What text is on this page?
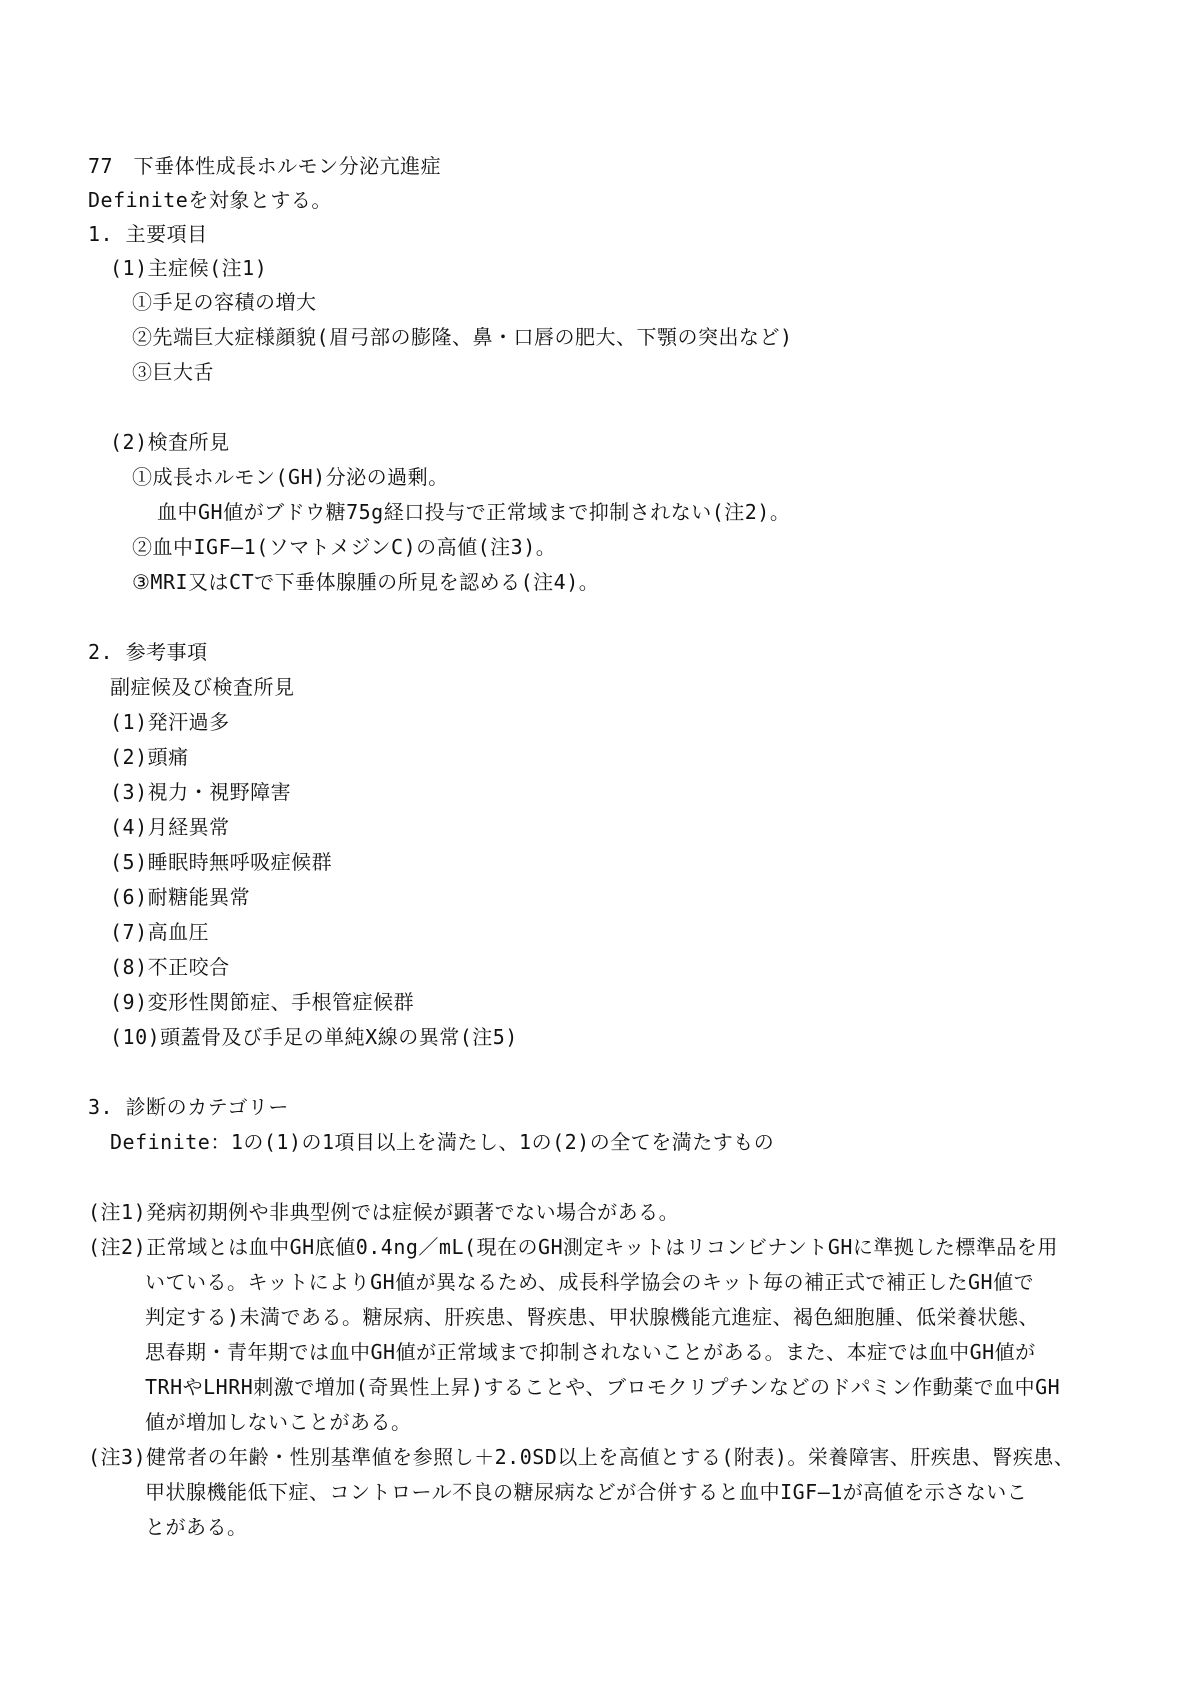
77　下垂体性成長ホルモン分泌亢進症
Definiteを対象とする。
1. 主要項目
(1)主症候(注1)
①手足の容積の増大
②先端巨大症様顔貌(眉弓部の膨隆、鼻・口唇の肥大、下顎の突出など)
③巨大舌
(2)検査所見
①成長ホルモン(GH)分泌の過剰。
血中GH値がブドウ糖75g経口投与で正常域まで抑制されない(注2)。
②血中IGF—1(ソマトメジンC)の高値(注3)。
③MRI又はCTで下垂体腺腫の所見を認める(注4)。
2. 参考事項
副症候及び検査所見
(1)発汗過多
(2)頭痛
(3)視力・視野障害
(4)月経異常
(5)睡眠時無呼吸症候群
(6)耐糖能異常
(7)高血圧
(8)不正咬合
(9)変形性関節症、手根管症候群
(10)頭蓋骨及び手足の単純X線の異常(注5)
3. 診断のカテゴリー
Definite：1の(1)の1項目以上を満たし、1の(2)の全てを満たすもの
(注1)発病初期例や非典型例では症候が顕著でない場合がある。
(注2)正常域とは血中GH底値0.4ng／mL(現在のGH測定キットはリコンビナントGHに準拠した標準品を用
いている。キットによりGH値が異なるため、成長科学協会のキット毎の補正式で補正したGH値で
判定する)未満である。糖尿病、肝疾患、腎疾患、甲状腺機能亢進症、褐色細胞腫、低栄養状態、
思春期・青年期では血中GH値が正常域まで抑制されないことがある。また、本症では血中GH値が
TRHやLHRH刺激で増加(奇異性上昇)することや、ブロモクリプチンなどのドパミン作動薬で血中GH
値が増加しないことがある。
(注3)健常者の年齢・性別基準値を参照し＋2.0SD以上を高値とする(附表)。栄養障害、肝疾患、腎疾患、
甲状腺機能低下症、コントロール不良の糖尿病などが合併すると血中IGF—1が高値を示さないこ
とがある。
